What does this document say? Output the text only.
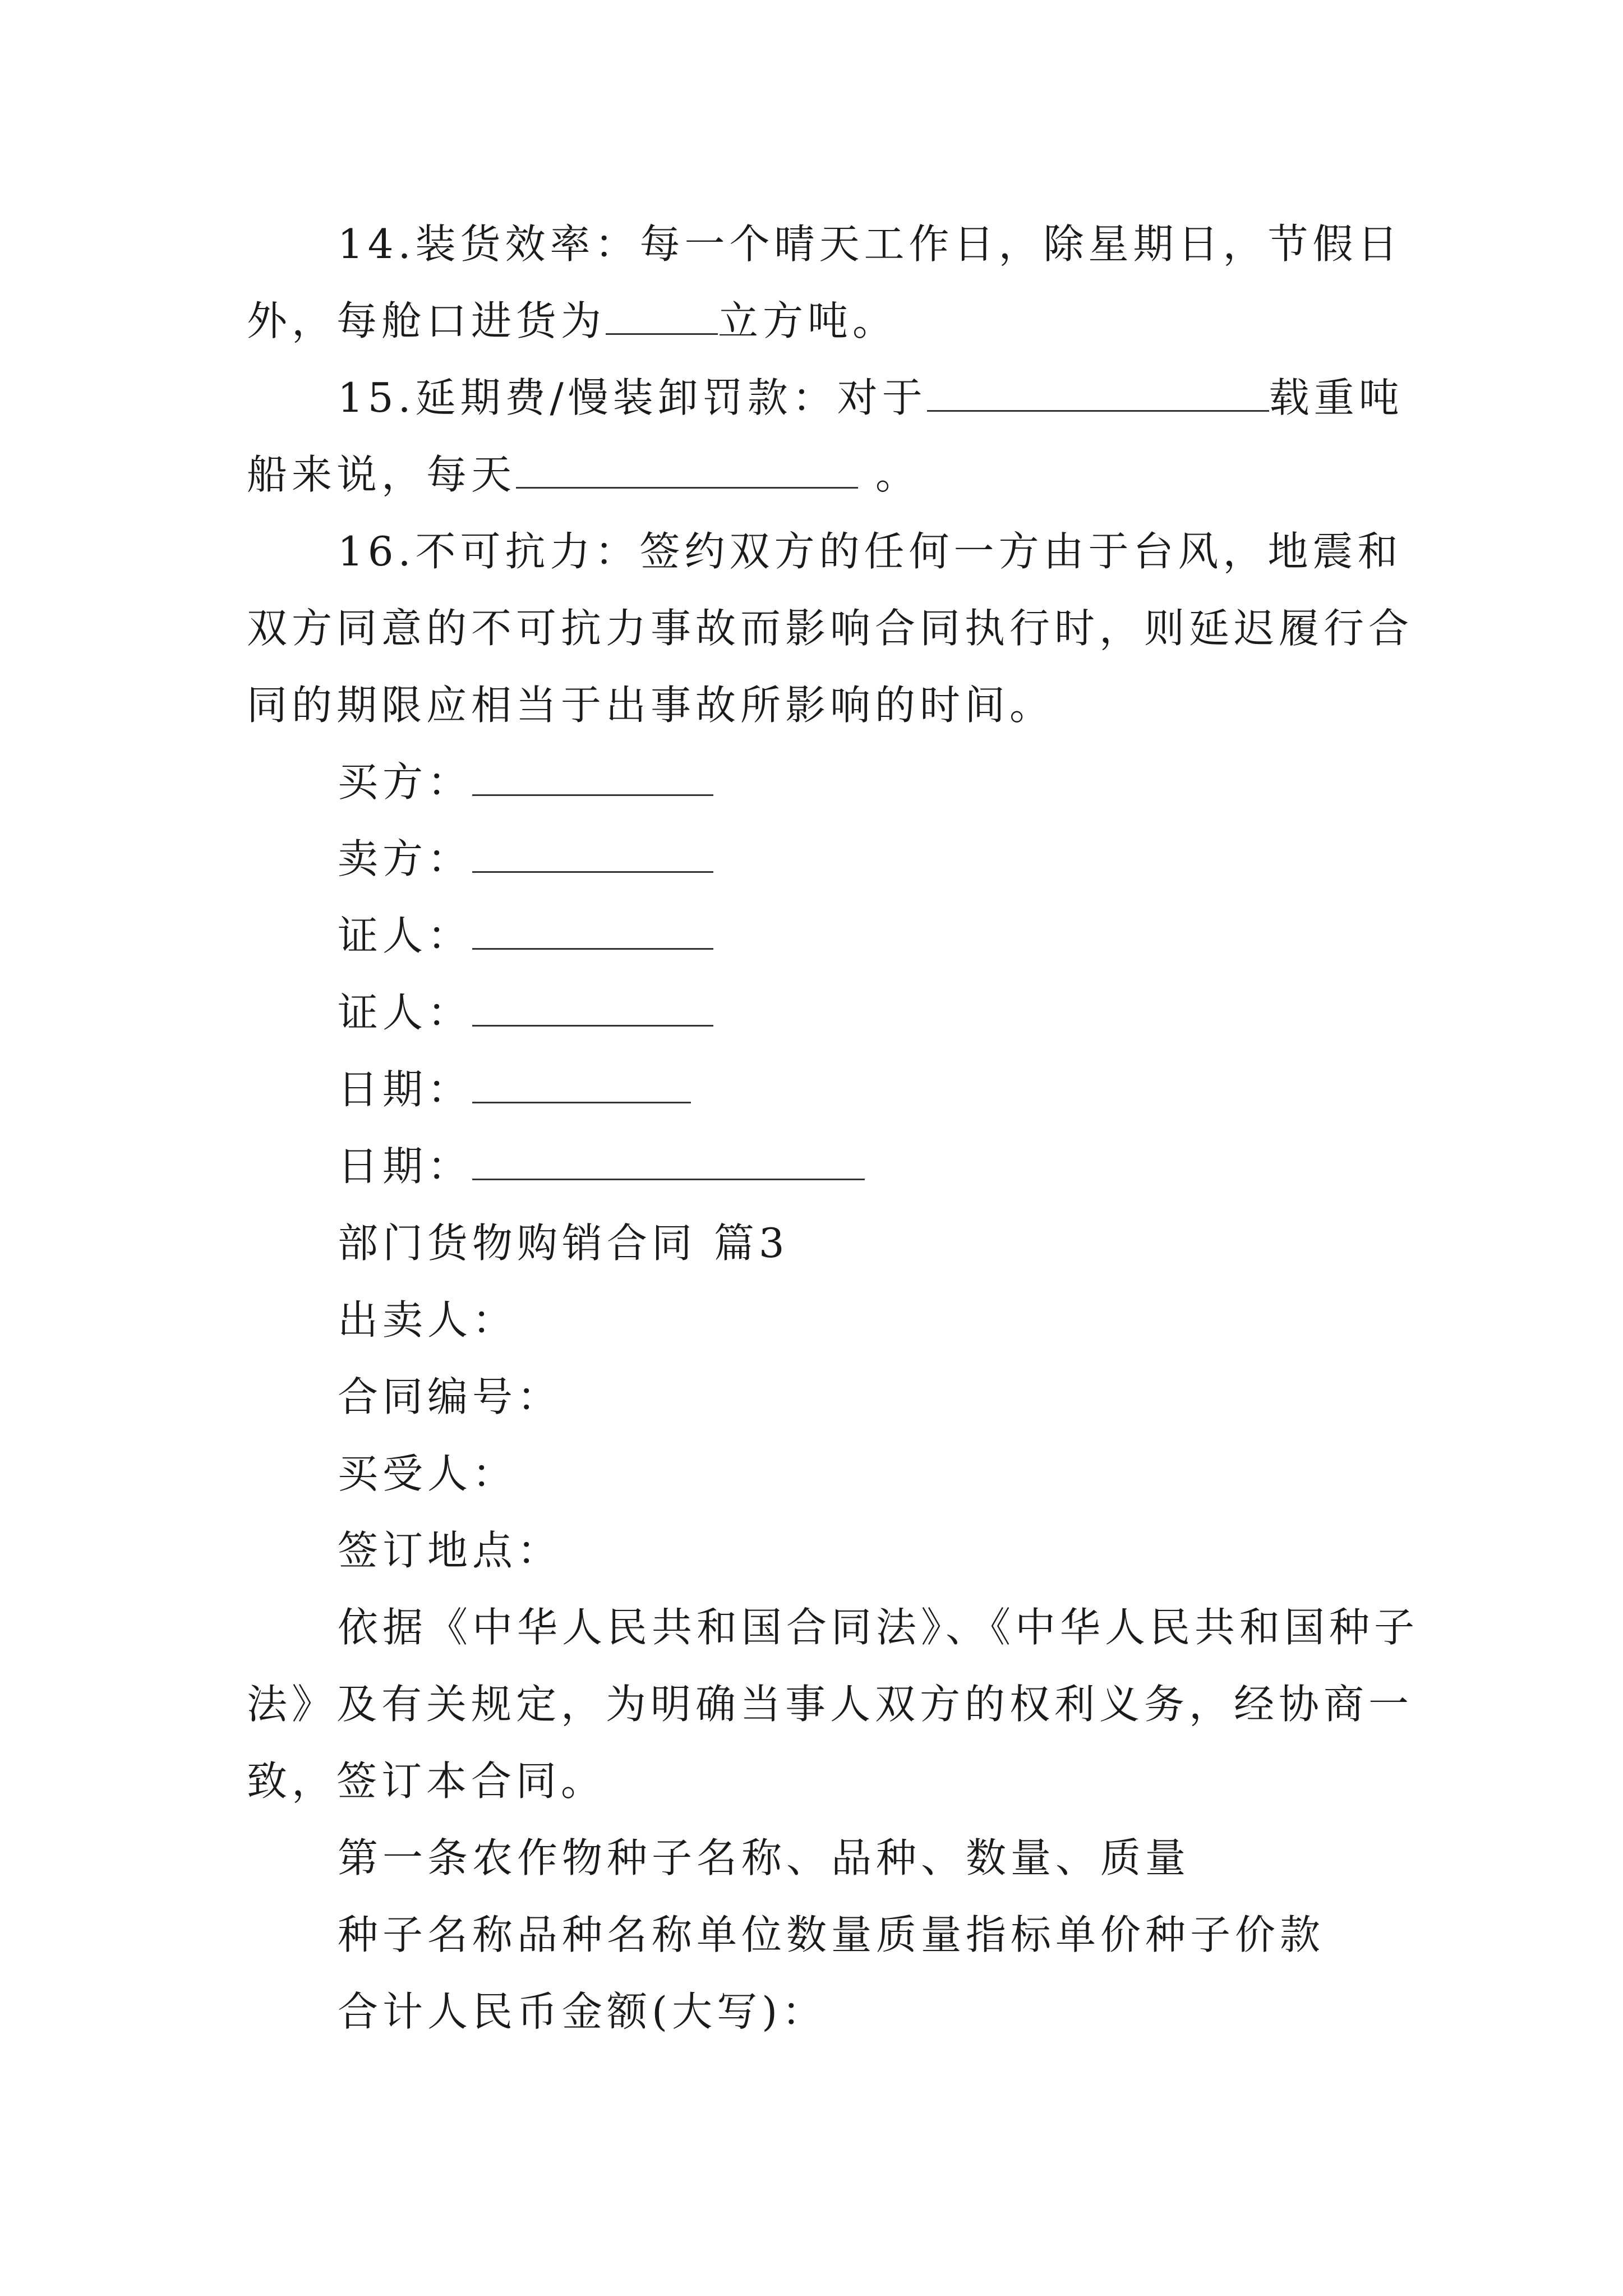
14.装货效率：每一个晴天工作日，除星期日，节假日
外，每舱口进货为	立方吨。
15.延期费/慢装卸罚款：对于	载重吨
船来说，每天	。
16.不可抗力：签约双方的任何一方由于台风，地震和
双方同意的不可抗力事故而影响合同执行时，则延迟履行合
同的期限应相当于出事故所影响的时间。
买方：
卖方：
证人：
证人：
日期：
日期：
部门货物购销合同 篇3
出卖人：
合同编号：
买受人：
签订地点：
依据《中华人民共和国合同法》、《中华人民共和国种子
法》及有关规定，为明确当事人双方的权利义务，经协商一
致，签订本合同。
第一条农作物种子名称、品种、数量、质量
种子名称品种名称单位数量质量指标单价种子价款
合计人民币金额(大写)：
